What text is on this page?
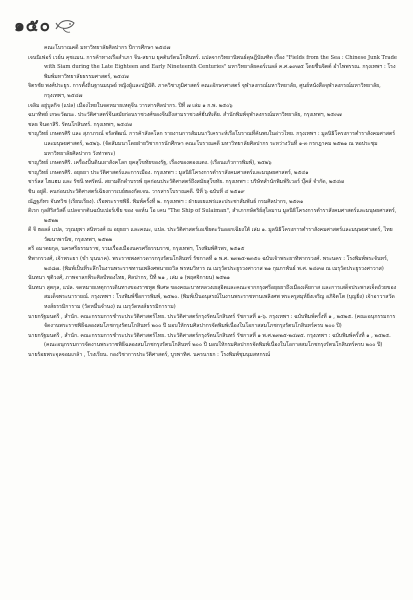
๑๕๐
คณะโบราณคดี มหาวิทยาลัยศิลปากร ปีการศึกษา ๒๕๔๗
เจนนิเฟอร์ เวย์น คุชแมน. การค้าทางเรือสำเภา จีน-สยาม ยุคต้นรัตนโกสินทร์. แปลจากวิทยานิพนธ์ดุษฎีบัณฑิต เรื่อง "Fields from the Sea : Chinese Junk Trade with Siam during the Late Eighteen and Early Nineteenth Centuries" มหาวิทยาลัยคอร์เนลล์ ค.ศ.๑๙๗๕ โดยชื่นจิตต์ อำไพพรรณ. กรุงเทพฯ : โรงพิมพ์มหาวิทยาลัยธรรมศาสตร์, ๒๕๔๗
จิตรชัย พงศ์ประยูร. การตั้งถิ่นฐานมนุษย์ หญิงผู้และปฏิบัติ. ภาควิชาภูมิศาสตร์ คณะอักษรศาสตร์ จุฬาลงกรณ์มหาวิทยาลัย, ศูนย์หนังสือจุฬาลงกรณ์มหาวิทยาลัย, กรุงเทพฯ, ๒๕๔๗
เจลิม อยู่บูลกิจ (แปล) เมืองไทยในจดหมายเหตุจีน วารสารศิลปากร. ปีที่ ๗ เล่ม ๑ ก.พ. ๒๕๐๖
ฉนาทิพย์ เกษะวัฒนะ. ประวัติศาสตร์จีนสมัยก่อนราชวงศ์ของจีนถึงสามราชวงศ์ฮั่นทิเตีย. สำนักพิมพ์จุฬาลงกรณ์มหาวิทยาลัย, กรุงเทพฯ, ๒๕๓๗
ชลธ จินดาสิริ. รัตนโกสินทร์. กรุงเทพฯ, ๒๕๔๗
ชาญวิทย์ เกษตรศิริ และ สุภาภรณ์ จรัลพัฒน์. การค้าสังคโลก รายงานการสัมมนาวิเคราะห์เรือโบราณที่ค้นพบในอ่าวไทย. กรุงเทพฯ : มูลนิธิโครงการตำราสังคมศาสตร์และมนุษยศาสตร์, ๒๕๒๖. (จัดสัมมนาโดยฝ่ายวิชาการนักศึกษา คณะโบราณคดี มหาวิทยาลัยศิลปากร ระหว่างวันที่ ๑-๓ กรกฎาคม ๒๕๒๑ ณ หอประชุมมหาวิทยาลัยศิลปากร วังท่าพระ)
ชาญวิทย์ เกษตรศิริ. เครื่องปั้นดินเผาสังคโลก ยุคสุโขทัยของรัฐ, เรื่องของตองแตง. (เรือนแก้วการพิมพ์), ๒๕๒๖
ชาญวิทย์ เกษตรศิริ. อยุธยา ประวัติศาสตร์และการเมือง. กรุงเทพฯ : มูลนิธิโครงการตำราสังคมศาสตร์และมนุษยศาสตร์, ๒๕๔๑
ชาร์ลส ไฮแฮม และ รัชนี ทศรัตน์. สยามดึกดำบรรพ์ ยุคก่อนประวัติศาสตร์ถึงสมัยสุโขทัย. กรุงเทพฯ : บริษัทสำนักพิมพ์ริเวอร์ บุ๊คส์ จำกัด, ๒๕๔๗
ชิน อยู่ดี. คนก่อนประวัติศาสตร์เฉียงการเบย์ฮองกัดเจน. วารสารโบราณคดี. ปีที่ ๖ ฉบับที่ ๔ ๒๕๑๙
ณัฏฐภัทร จันทวิช (เรียบเรียง). เรือพระราชพิธี. พิมพ์ครั้งที่ ๒. กรุงเทพฯ : ฝ่ายเผยแพร่และประชาสัมพันธ์ กรมศิลปากร, ๒๕๓๑
ดิเรก กุลสิริสวัสดิ์ แปลจากต้นฉบับเปอร์เซีย ของ จอห์น โอ เคน "The Ship of Sulaiman", สำเภากษัตริย์สุไลมาน มูลนิธิโครงการตำราสังคมศาสตร์และมนุษยศาสตร์, ๒๕๒๒
ดี จี ฮอลล์ แปล, วรุณยุพา สนิทวงศ์ ณ อยุธยา และคณะ, แปล. ประวัติศาสตร์เอเชียตะวันออกเฉียงใต้ เล่ม ๑. มูลนิธิโครงการตำราสังคมศาสตร์และมนุษยศาสตร์, ไทยวัฒนาพานิช, กรุงเทพฯ, ๒๕๒๒
ตรี อมาตยกุล, นครศรีธรรมราช, รวมเรื่องเมืองนครศรีธรรมราช, กรุงเทพฯ, โรงพิมพ์ศิวพร, ๒๕๑๕
ทิพากรวงศ์, เจ้าพระยา (ขำ บุนนาค). พระราชพงศาวดารกรุงรัตนโกสินทร์ รัชกาลที่ ๑ พ.ศ. ๒๓๒๕-๒๓๕๐ ฉบับเจ้าพระยาทิพากรวงศ์. พระนคร : โรงพิมพ์พระจันทร์, ๒๔๘๗. (พิมพ์เป็นที่ระลึกในงานพระราชทานเพลิงศพนายถวิล พรหมวิหาร ณ เมรุวัดประยูรวงศาวาส ๒๑ กุมภาพันธ์ พ.ศ. ๒๔๙๗ ณ เมรุวัดประยูรวงศาวาส)
นันทนา ชุติวงศ์, ภาพจาลกพีระศิลป์ทองไทย, ศิลปากร, ปีที่ ๒๑ , เล่ม ๑ (พฤศจิกายน) ๒๕๒๑
นันทนา สุตกุล, แปล. จดหมายเหตุการเดินทางของราชทูต พิเศษ ของคณะบาทหลวงเยสุอิตและคณะจากกรุงศรีอยุธยาถึงเมืองเคียกาส และการเสด็จประพาสเจ็ดถ้วยของสมเด็จพระนารายณ์. กรุงเทพฯ : โรงพิมพ์ชื่อการพิมพ์, ๒๕๒๐. (พิมพ์เป็นอนุสรณ์ในงานพระราชทานเพลิงศพ พระครูสมุห์ยิ่งเจริญ อภิจิตโต (บุญยิ่ง) เจ้าอาวาสวัดหงส์ธรรมิการาม (วัดหมื่นจำนง) ณ เมรุวัดหงส์ธรรมิการาม)
นายกรัฐมนตรี , สำนัก. คณะกรรมการชำระประวัติศาสตร์ไทย. ประวัติศาสตร์กรุงรัตนโกสินทร์ รัชกาลที่ ๑-๖. กรุงเทพฯ : ฉบับพิมพ์ครั้งที่ ๑ , ๒๕๒๕. (คณะอนุกรรมการจัดงานพระราชพิธีฉลองสมโภชกรุงรัตนโกสินทร์ ๒๐๐ ปี มอบให้กรมศิลปากรจัดพิมพ์เนื่องในโอกาสสมโภชกรุงรัตนโกสินทร์ครบ ๒๐๐ ปี)
นายกรัฐมนตรี , สำนัก. คณะกรรมการชำระประวัติศาสตร์ไทย. ประวัติศาสตร์กรุงรัตนโกสินทร์ รัชกาลที่ ๑ พ.ศ.๒๓๒๕-๒๔๗๕. กรุงเทพฯ : ฉบับพิมพ์ครั้งที่ ๑ , ๒๕๒๕. (คณะอนุกรรมการจัดงานพระราชพิธีฉลองสมโภชกรุงรัตนโกสินทร์ ๒๐๐ ปี มอบให้กรมศิลปากรจัดพิมพ์เนื่องในโอกาสสมโภชกรุงรัตนโกสินทร์ครบ ๒๐๐ ปี)
นายร้อยพระจุลจอมเกล้า , โรงเรียน. กองวิชาการประวัติศาสตร์, บูรพาทิศ. นครนายก : โรงพิมพ์ชุมนุมสหกรณ์
